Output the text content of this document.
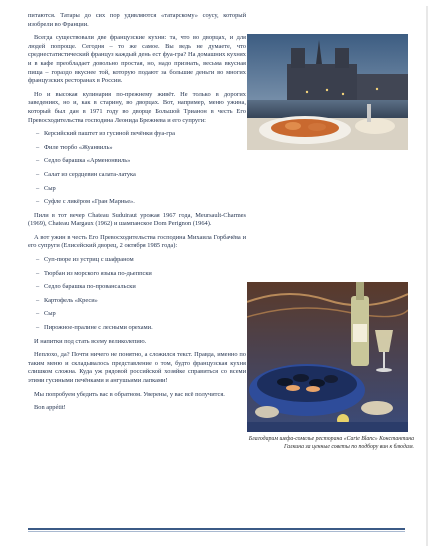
питаются. Татары до сих пор удивляются «татарскому» соусу, который изобрели во Франции.

Всегда существовали две французские кухни: та, что во дворцах, и для людей попроще. Сегодня – то же самое. Вы ведь не думаете, что среднестатистический француз каждый день ест фуа-гра? На домашних кухнях и в кафе преобладает довольно простая, но, надо признать, весьма вкусная пища – гораздо вкуснее той, которую подают за большие деньги во многих французских ресторанах в России.

Но и высокая кулинария по-прежнему живёт. Не только в дорогих заведениях, но и, как в старину, во дворцах. Вот, например, меню ужина, который был дан в 1971 году во дворце Большой Трианон в честь Его Превосходительства господина Леонида Брежнева и его супруги:

– Керсийский паштет из гусиной печёнки фуа-гра
– Филе тюрбо «Жуанвиль»
– Седло барашка «Арменонвиль»
– Салат из сердцевин салата-латука
– Сыр
– Суфле с ликёром «Гран Марнье».

Пили в тот вечер Chateau Suduiraut урожая 1967 года, Meursault-Charmes (1969), Chateau Margaux (1962) и шампанское Dom Perignon (1964).

А вот ужин в честь Его Превосходительства господина Михаила Горбачёва и его супруги (Елисейский дворец, 2 октября 1985 года):

– Суп-пюре из устриц с шафраном
– Тюрбан из морского языка по-дьеппски
– Седло барашка по-провансальски
– Картофель «Креси»
– Сыр
– Пирожное-пралине с лесными орехами.

И напитки под стать всему великолепию.

Неплохо, да? Почти ничего не понятно, а сложился текст. Правда, именно по таким меню и складывалось представление о том, будто французская кухня слишком сложна. Куда уж рядовой российской хозяйке справиться со всеми этими гусиными печёнками и ангушьими лапками!

Мы попробуем убедить вас в обратном. Уверены, у вас всё получится.

Bon appétit!

Благодарим шефа-сомелье ресторана «Carte Blanc» Константина Галкина за ценные советы по подбору вин к блюдам.
